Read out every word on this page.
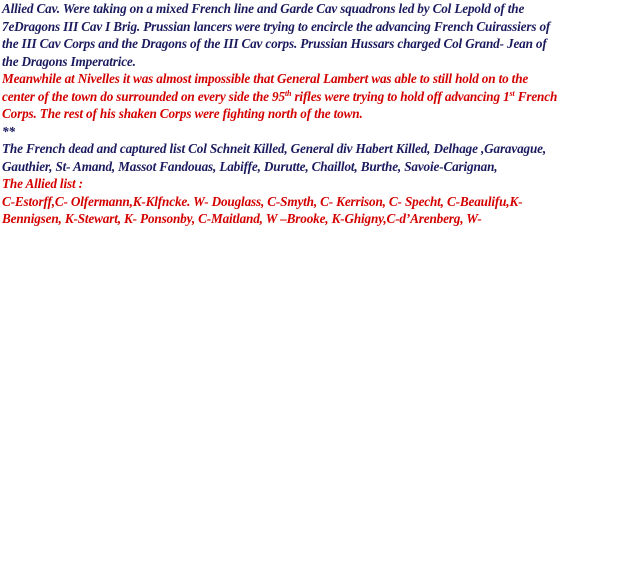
Allied Cav. Were taking on a mixed French line and Garde Cav squadrons led by Col Lepold of the 7eDragons III Cav I Brig. Prussian lancers were trying to encircle the advancing French Cuirassiers of the III Cav Corps and the Dragons of the III Cav corps. Prussian Hussars charged Col Grand- Jean of the Dragons Imperatrice.

Meanwhile at Nivelles it was almost impossible that General Lambert was able to still hold on to the center of the town do surrounded on every side the 95th rifles were trying to hold off advancing 1st French Corps. The rest of his shaken Corps were fighting north of the town.

**

The French dead and captured list Col Schneit Killed, General div Habert Killed, Delhage ,Garavague, Gauthier, St- Amand, Massot Fandouas, Labiffe, Durutte, Chaillot, Burthe, Savoie-Carignan,

The Allied list :

C-Estorff,C- Olfermann,K-Klfncke. W- Douglass, C-Smyth, C- Kerrison, C- Specht, C-Beaulifu,K- Bennigsen, K-Stewart, K- Ponsonby, C-Maitland, W –Brooke, K-Ghigny,C-d’Arenberg, W-
